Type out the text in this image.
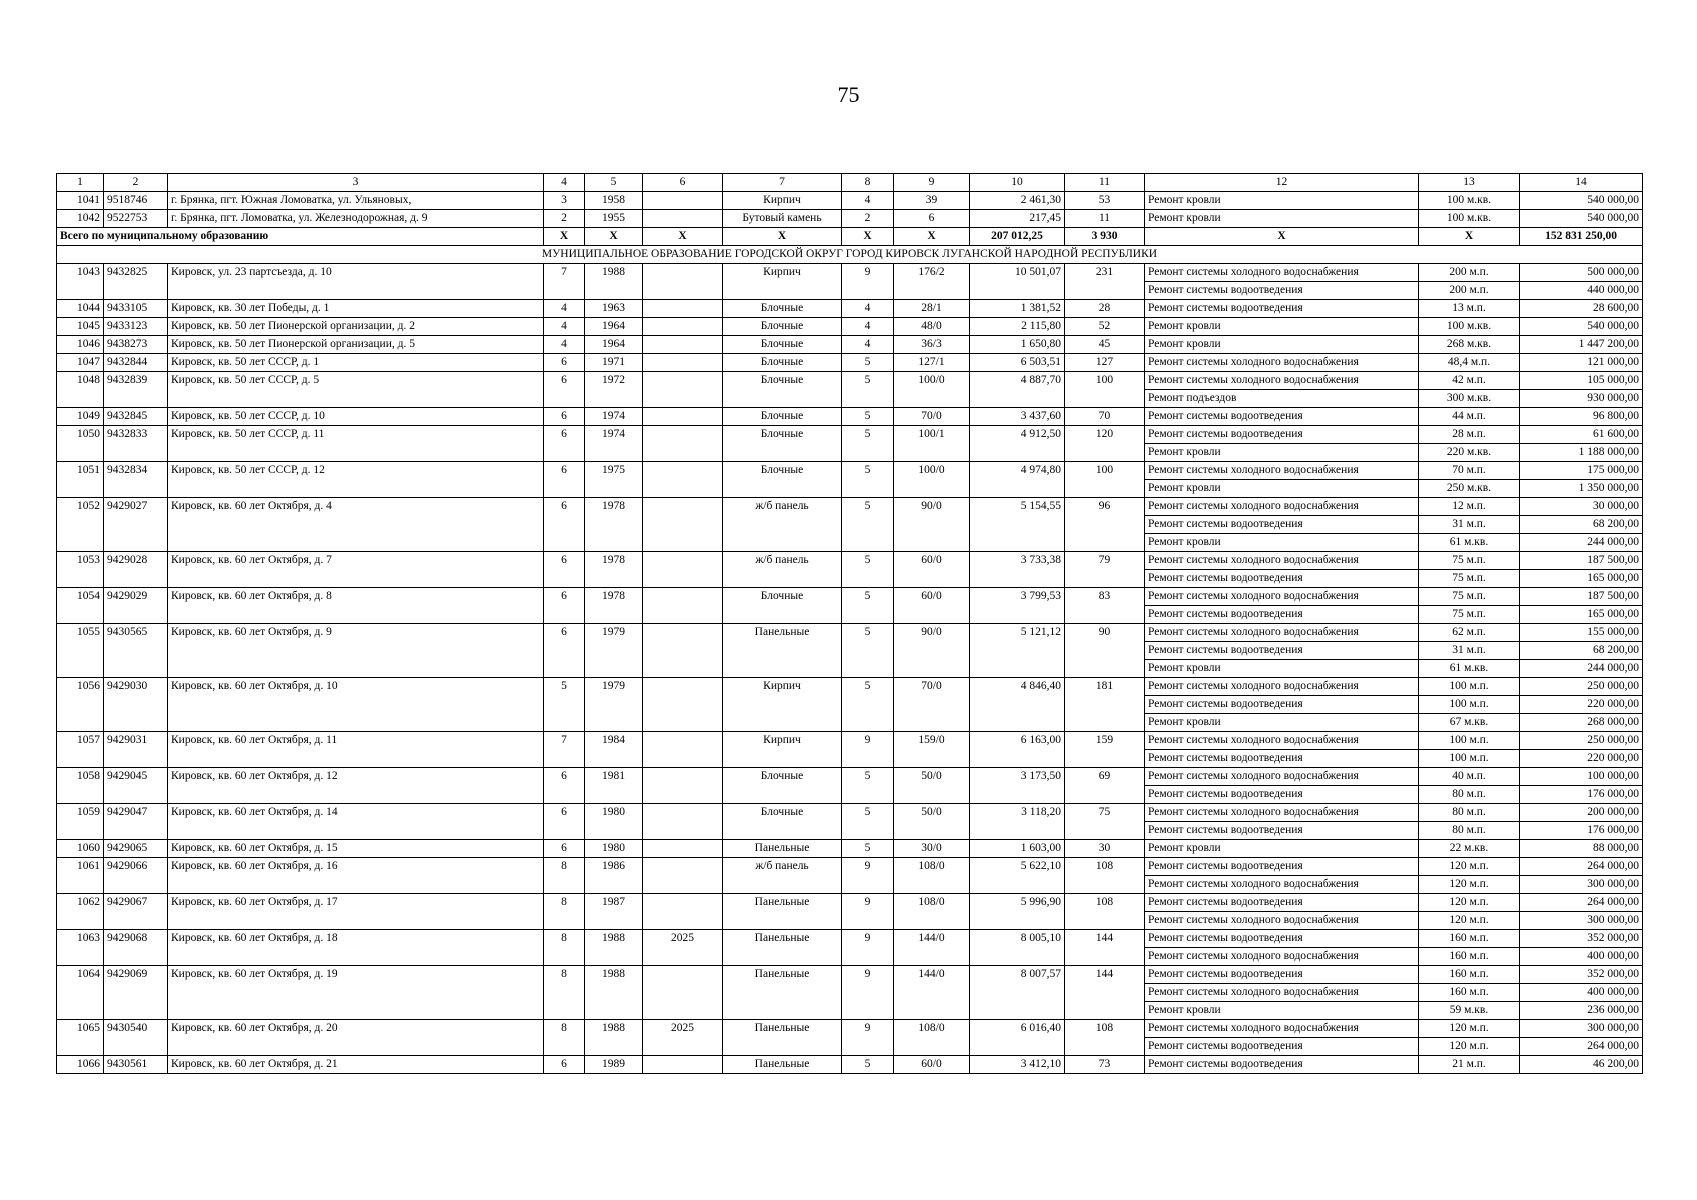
75
1	2	3	4	5	6	7	8	9	10	11	12	13	14
1041	9518746	г. Брянка, пгт. Южная Ломоватка, ул. Ульяновых,	3	1958		Кирпич	4	39	2 461,30	53	Ремонт кровли	100 м.кв.	540 000,00
1042	9522753	г. Брянка, пгт. Ломоватка, ул. Железнодорожная, д. 9	2	1955		Бутовый камень	2	6	217,45	11	Ремонт кровли	100 м.кв.	540 000,00
Всего по муниципальному образованию			X	X	X	X	X	X	207 012,25	3 930	X	X	152 831 250,00
МУНИЦИПАЛЬНОЕ ОБРАЗОВАНИЕ ГОРОДСКОЙ ОКРУГ ГОРОД КИРОВСК ЛУГАНСКОЙ НАРОДНОЙ РЕСПУБЛИКИ													
1043	9432825	Кировск, ул. 23 партсъезда, д. 10	7	1988		Кирпич	9	176/2	10 501,07	231	Ремонт системы холодного водоснабжения	200 м.п.	500 000,00
											Ремонт системы водоотведения	200 м.п.	440 000,00
1044	9433105	Кировск, кв. 30 лет Победы, д. 1	4	1963		Блочные	4	28/1	1 381,52	28	Ремонт системы водоотведения	13 м.п.	28 600,00
1045	9433123	Кировск, кв. 50 лет Пионерской организации, д. 2	4	1964		Блочные	4	48/0	2 115,80	52	Ремонт кровли	100 м.кв.	540 000,00
1046	9438273	Кировск, кв. 50 лет Пионерской организации, д. 5	4	1964		Блочные	4	36/3	1 650,80	45	Ремонт кровли	268 м.кв.	1 447 200,00
1047	9432844	Кировск, кв. 50 лет СССР, д. 1	6	1971		Блочные	5	127/1	6 503,51	127	Ремонт системы холодного водоснабжения	48,4 м.п.	121 000,00
1048	9432839	Кировск, кв. 50 лет СССР, д. 5	6	1972		Блочные	5	100/0	4 887,70	100	Ремонт системы холодного водоснабжения	42 м.п.	105 000,00
											Ремонт подъездов	300 м.кв.	930 000,00
1049	9432845	Кировск, кв. 50 лет СССР, д. 10	6	1974		Блочные	5	70/0	3 437,60	70	Ремонт системы водоотведения	44 м.п.	96 800,00
1050	9432833	Кировск, кв. 50 лет СССР, д. 11	6	1974		Блочные	5	100/1	4 912,50	120	Ремонт системы водоотведения	28 м.п.	61 600,00
											Ремонт кровли	220 м.кв.	1 188 000,00
1051	9432834	Кировск, кв. 50 лет СССР, д. 12	6	1975		Блочные	5	100/0	4 974,80	100	Ремонт системы холодного водоснабжения	70 м.п.	175 000,00
											Ремонт кровли	250 м.кв.	1 350 000,00
1052	9429027	Кировск, кв. 60 лет Октября, д. 4	6	1978		ж/б панель	5	90/0	5 154,55	96	Ремонт системы холодного водоснабжения	12 м.п.	30 000,00
											Ремонт системы водоотведения	31 м.п.	68 200,00
											Ремонт кровли	61 м.кв.	244 000,00
1053	9429028	Кировск, кв. 60 лет Октября, д. 7	6	1978		ж/б панель	5	60/0	3 733,38	79	Ремонт системы холодного водоснабжения	75 м.п.	187 500,00
											Ремонт системы водоотведения	75 м.п.	165 000,00
1054	9429029	Кировск, кв. 60 лет Октября, д. 8	6	1978		Блочные	5	60/0	3 799,53	83	Ремонт системы холодного водоснабжения	75 м.п.	187 500,00
											Ремонт системы водоотведения	75 м.п.	165 000,00
1055	9430565	Кировск, кв. 60 лет Октября, д. 9	6	1979		Панельные	5	90/0	5 121,12	90	Ремонт системы холодного водоснабжения	62 м.п.	155 000,00
											Ремонт системы водоотведения	31 м.п.	68 200,00
											Ремонт кровли	61 м.кв.	244 000,00
1056	9429030	Кировск, кв. 60 лет Октября, д. 10	5	1979		Кирпич	5	70/0	4 846,40	181	Ремонт системы холодного водоснабжения	100 м.п.	250 000,00
											Ремонт системы водоотведения	100 м.п.	220 000,00
											Ремонт кровли	67 м.кв.	268 000,00
1057	9429031	Кировск, кв. 60 лет Октября, д. 11	7	1984		Кирпич	9	159/0	6 163,00	159	Ремонт системы холодного водоснабжения	100 м.п.	250 000,00
											Ремонт системы водоотведения	100 м.п.	220 000,00
1058	9429045	Кировск, кв. 60 лет Октября, д. 12	6	1981		Блочные	5	50/0	3 173,50	69	Ремонт системы холодного водоснабжения	40 м.п.	100 000,00
											Ремонт системы водоотведения	80 м.п.	176 000,00
1059	9429047	Кировск, кв. 60 лет Октября, д. 14	6	1980		Блочные	5	50/0	3 118,20	75	Ремонт системы холодного водоснабжения	80 м.п.	200 000,00
											Ремонт системы водоотведения	80 м.п.	176 000,00
1060	9429065	Кировск, кв. 60 лет Октября, д. 15	6	1980		Панельные	5	30/0	1 603,00	30	Ремонт кровли	22 м.кв.	88 000,00
1061	9429066	Кировск, кв. 60 лет Октября, д. 16	8	1986		ж/б панель	9	108/0	5 622,10	108	Ремонт системы водоотведения	120 м.п.	264 000,00
											Ремонт системы холодного водоснабжения	120 м.п.	300 000,00
1062	9429067	Кировск, кв. 60 лет Октября, д. 17	8	1987		Панельные	9	108/0	5 996,90	108	Ремонт системы водоотведения	120 м.п.	264 000,00
											Ремонт системы холодного водоснабжения	120 м.п.	300 000,00
1063	9429068	Кировск, кв. 60 лет Октября, д. 18	8	1988	2025	Панельные	9	144/0	8 005,10	144	Ремонт системы водоотведения	160 м.п.	352 000,00
											Ремонт системы холодного водоснабжения	160 м.п.	400 000,00
1064	9429069	Кировск, кв. 60 лет Октября, д. 19	8	1988		Панельные	9	144/0	8 007,57	144	Ремонт системы водоотведения	160 м.п.	352 000,00
											Ремонт системы холодного водоснабжения	160 м.п.	400 000,00
											Ремонт кровли	59 м.кв.	236 000,00
1065	9430540	Кировск, кв. 60 лет Октября, д. 20	8	1988	2025	Панельные	9	108/0	6 016,40	108	Ремонт системы холодного водоснабжения	120 м.п.	300 000,00
											Ремонт системы водоотведения	120 м.п.	264 000,00
1066	9430561	Кировск, кв. 60 лет Октября, д. 21	6	1989		Панельные	5	60/0	3 412,10	73	Ремонт системы водоотведения	21 м.п.	46 200,00
